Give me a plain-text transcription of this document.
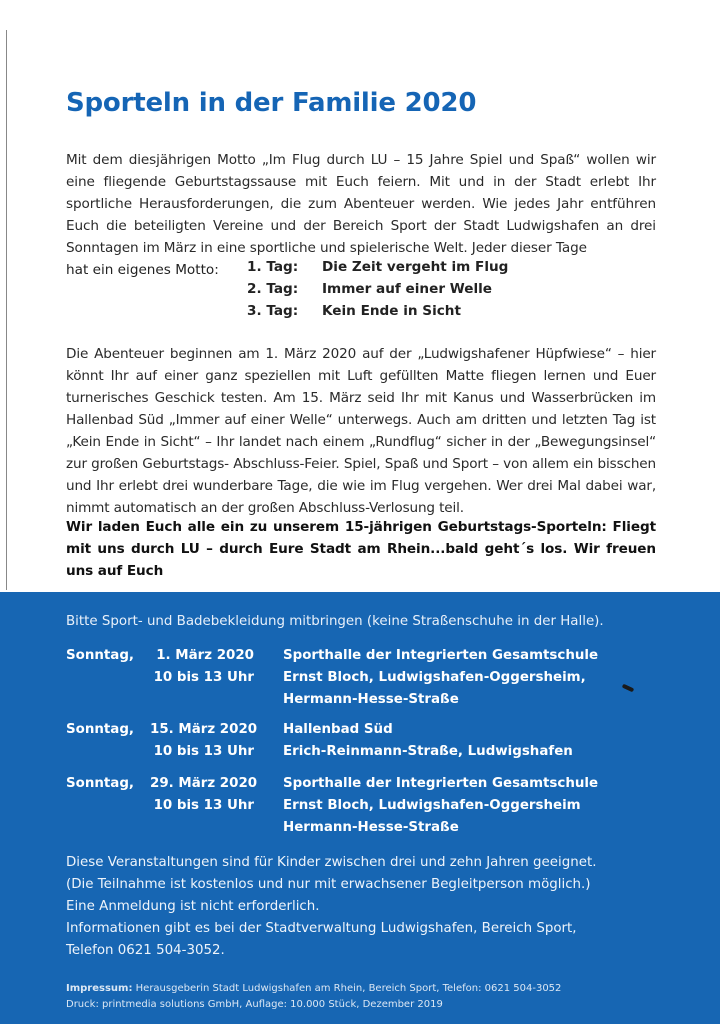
Sporteln in der Familie 2020

Mit dem diesjährigen Motto „Im Flug durch LU – 15 Jahre Spiel und Spaß“ wollen wir eine fliegende Geburtstagssause mit Euch feiern. Mit und in der Stadt erlebt Ihr sportliche Herausforderungen, die zum Abenteuer werden. Wie jedes Jahr entführen Euch die beteiligten Vereine und der Bereich Sport der Stadt Ludwigshafen an drei Sonntagen im März in eine sportliche und spielerische Welt. Jeder dieser Tage

hat ein eigenes Motto: 1. Tag: Die Zeit vergeht im Flug
2. Tag: Immer auf einer Welle
3. Tag: Kein Ende in Sicht

Die Abenteuer beginnen am 1. März 2020 auf der „Ludwigshafener Hüpfwiese“ – hier könnt Ihr auf einer ganz speziellen mit Luft gefüllten Matte fliegen lernen und Euer turnerisches Geschick testen. Am 15. März seid Ihr mit Kanus und Wasserbrücken im Hallenbad Süd „Immer auf einer Welle“ unterwegs. Auch am dritten und letzten Tag ist „Kein Ende in Sicht“ – Ihr landet nach einem „Rundflug“ sicher in der „Bewegungsinsel“ zur großen Geburtstags- Abschluss-Feier. Spiel, Spaß und Sport – von allem ein bisschen und Ihr erlebt drei wunderbare Tage, die wie im Flug vergehen. Wer drei Mal dabei war, nimmt automatisch an der großen Abschluss-Verlosung teil.

Wir laden Euch alle ein zu unserem 15-jährigen Geburtstags-Sporteln: Fliegt mit uns durch LU – durch Eure Stadt am Rhein...bald geht´s los. Wir freuen uns auf Euch

Bitte Sport- und Badebekleidung mitbringen (keine Straßenschuhe in der Halle).
Sonntag,	1. März 2020
10 bis 13 Uhr
Sporthalle der Integrierten Gesamtschule
Ernst Bloch, Ludwigshafen-Oggersheim,
Hermann-Hesse-Straße
Sonntag, 15. März 2020
10 bis 13 Uhr
Hallenbad Süd
Erich-Reinmann-Straße, Ludwigshafen
Sonntag, 29. März 2020
10 bis 13 Uhr
Sporthalle der Integrierten Gesamtschule
Ernst Bloch, Ludwigshafen-Oggersheim
Hermann-Hesse-Straße
Diese Veranstaltungen sind für Kinder zwischen drei und zehn Jahren geeignet.
(Die Teilnahme ist kostenlos und nur mit erwachsener Begleitperson möglich.)
Eine Anmeldung ist nicht erforderlich.
Informationen gibt es bei der Stadtverwaltung Ludwigshafen, Bereich Sport,
Telefon 0621 504-3052.
Impressum: Herausgeberin Stadt Ludwigshafen am Rhein, Bereich Sport, Telefon: 0621 504-3052
Druck: printmedia solutions GmbH, Auflage: 10.000 Stück, Dezember 2019
